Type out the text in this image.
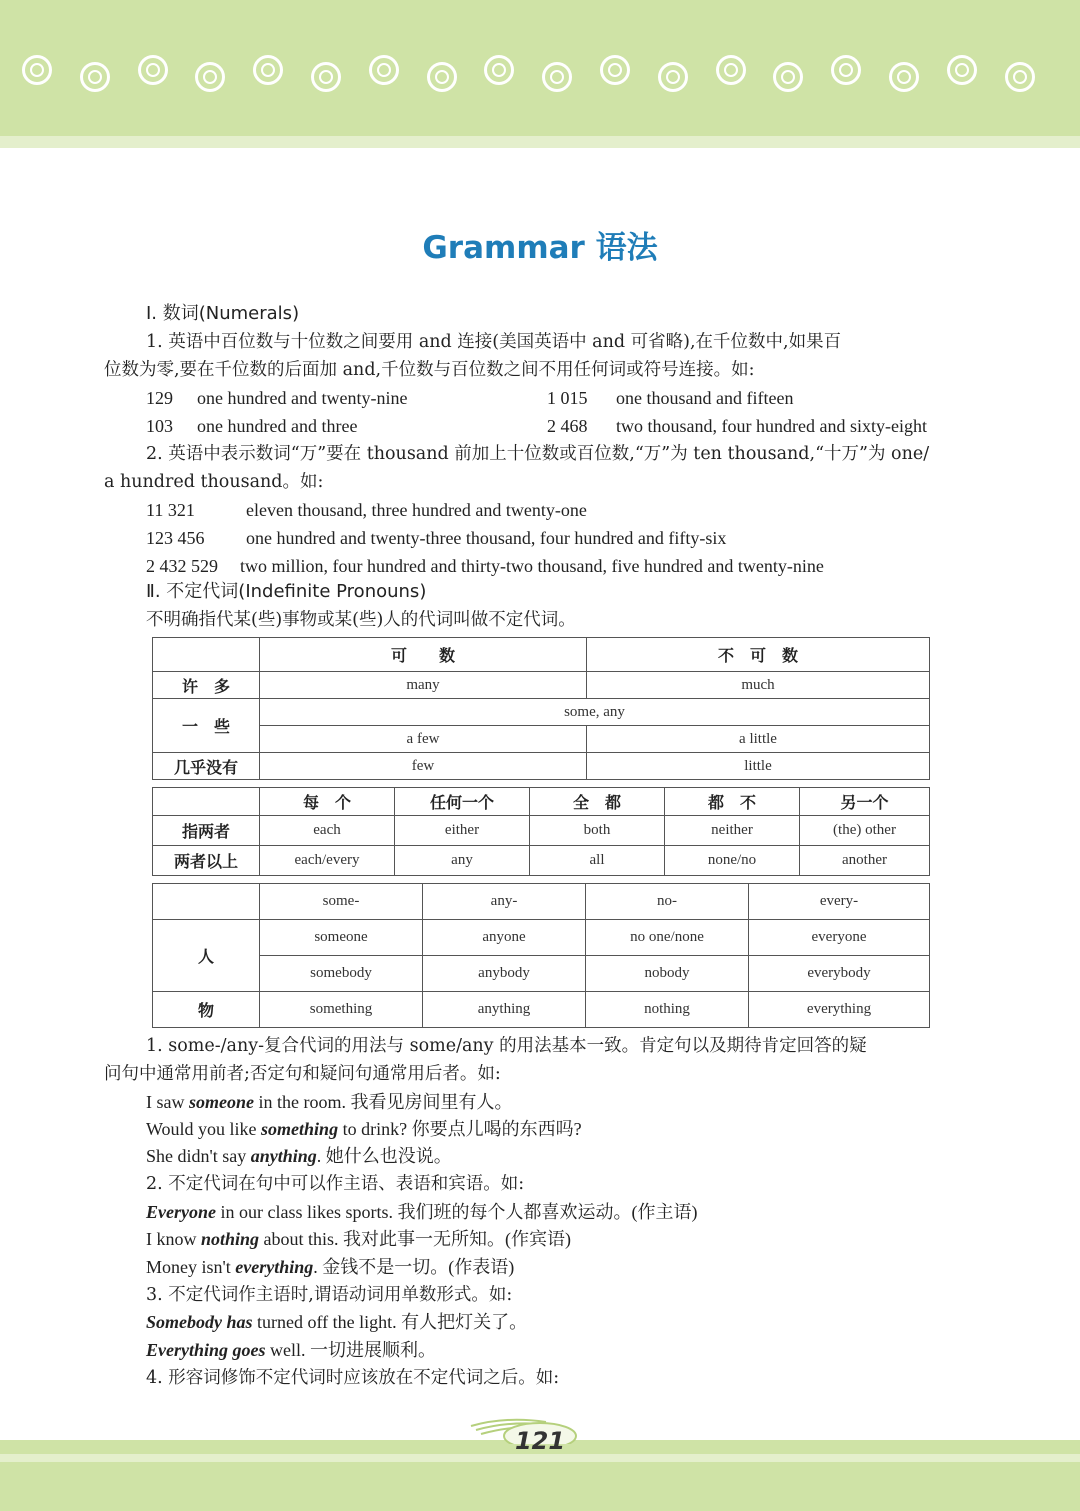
Grammar 语法
Ⅰ. 数词(Numerals)
1. 英语中百位数与十位数之间要用 and 连接(美国英语中 and 可省略),在千位数中,如果百
位数为零,要在千位数的后面加 and,千位数与百位数之间不用任何词或符号连接。如:
129 one hundred and twenty-nine	1 015 one thousand and fifteen
103 one hundred and three	2 468 two thousand, four hundred and sixty-eight
2. 英语中表示数词“万”要在 thousand 前加上十位数或百位数,“万”为 ten thousand,“十万”为 one/
a hundred thousand。如:
11 321	eleven thousand, three hundred and twenty-one
123 456 one hundred and twenty-three thousand, four hundred and fifty-six
2 432 529 two million, four hundred and thirty-two thousand, five hundred and twenty-nine
Ⅱ. 不定代词(Indefinite Pronouns)
不明确指代某(些)事物或某(些)人的代词叫做不定代词。
	可　　数	不　可　数
许　多	many	much
一　些	some, any	
	a few	a little
几乎没有	few	little
	每　个	任何一个	全　都	都　不	另一个
指两者	each	either	both	neither	(the) other
两者以上	each/every	any	all	none/no	another
	some-	any-	no-	every-
人	someone	anyone	no one/none	everyone
	somebody	anybody	nobody	everybody
物	something	anything	nothing	everything
1. some-/any-复合代词的用法与 some/any 的用法基本一致。肯定句以及期待肯定回答的疑
问句中通常用前者;否定句和疑问句通常用后者。如:
I saw someone in the room. 我看见房间里有人。
Would you like something to drink? 你要点儿喝的东西吗?
She didn't say anything. 她什么也没说。
2. 不定代词在句中可以作主语、表语和宾语。如:
Everyone in our class likes sports. 我们班的每个人都喜欢运动。(作主语)
I know nothing about this. 我对此事一无所知。(作宾语)
Money isn't everything. 金钱不是一切。(作表语)
3. 不定代词作主语时,谓语动词用单数形式。如:
Somebody has turned off the light. 有人把灯关了。
Everything goes well. 一切进展顺利。
4. 形容词修饰不定代词时应该放在不定代词之后。如:
121
